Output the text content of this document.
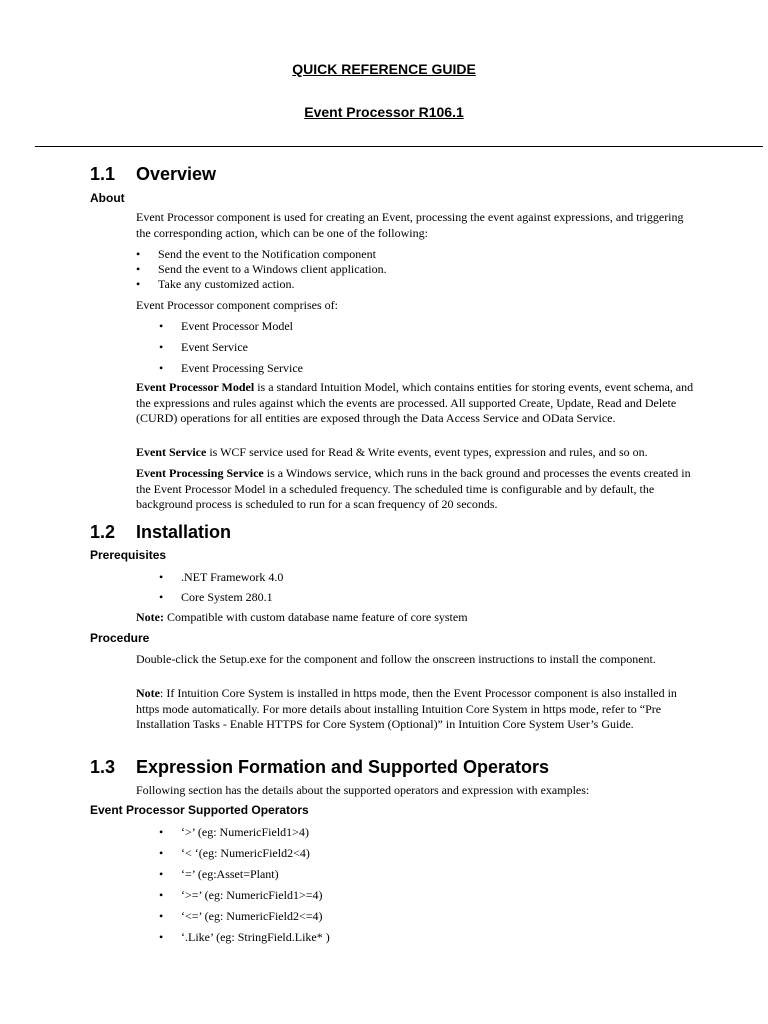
QUICK REFERENCE GUIDE
Event Processor R106.1
1.1 Overview
About
Event Processor component is used for creating an Event, processing the event against expressions, and triggering the corresponding action, which can be one of the following:
• Send the event to the Notification component
• Send the event to a Windows client application.
• Take any customized action.
Event Processor component comprises of:
• Event Processor Model
• Event Service
• Event Processing Service
Event Processor Model is a standard Intuition Model, which contains entities for storing events, event schema, and the expressions and rules against which the events are processed. All supported Create, Update, Read and Delete (CURD) operations for all entities are exposed through the Data Access Service and OData Service.
Event Service is WCF service used for Read & Write events, event types, expression and rules, and so on.
Event Processing Service is a Windows service, which runs in the back ground and processes the events created in the Event Processor Model in a scheduled frequency. The scheduled time is configurable and by default, the background process is scheduled to run for a scan frequency of 20 seconds.
1.2 Installation
Prerequisites
• .NET Framework 4.0
• Core System 280.1
Note: Compatible with custom database name feature of core system
Procedure
Double-click the Setup.exe for the component and follow the onscreen instructions to install the component.
Note: If Intuition Core System is installed in https mode, then the Event Processor component is also installed in https mode automatically. For more details about installing Intuition Core System in https mode, refer to “Pre Installation Tasks - Enable HTTPS for Core System (Optional)” in Intuition Core System User’s Guide.
1.3 Expression Formation and Supported Operators
Following section has the details about the supported operators and expression with examples:
Event Processor Supported Operators
• ‘>’ (eg: NumericField1>4)
• ‘< ‘(eg: NumericField2<4)
• ‘=’ (eg:Asset=Plant)
• ‘>=’ (eg: NumericField1>=4)
• ‘<=’ (eg: NumericField2<=4)
• ‘.Like’ (eg: StringField.Like* )
